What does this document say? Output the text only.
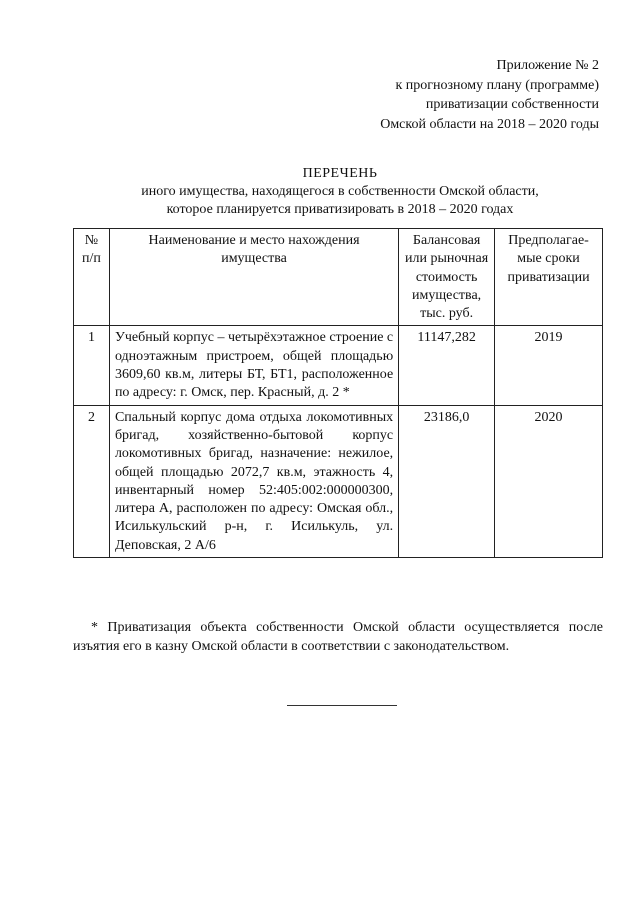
Приложение № 2
к прогнозному плану (программе)
приватизации собственности
Омской области на 2018 – 2020 годы
ПЕРЕЧЕНЬ
иного имущества, находящегося в собственности Омской области,
которое планируется приватизировать в 2018 – 2020 годах
№ п/п	Наименование и место нахождения имущества	Балансовая или рыночная стоимость имущества, тыс. руб.	Предполагае-мые сроки приватизации
1	Учебный корпус – четырёхэтажное строение с одноэтажным пристроем, общей площадью 3609,60 кв.м, литеры БТ, БТ1, расположенное по адресу: г. Омск, пер. Красный, д. 2 *	11147,282	2019
2	Спальный корпус дома отдыха локомотивных бригад, хозяйственно-бытовой корпус локомотивных бригад, назначение: нежилое, общей площадью 2072,7 кв.м, этажность 4, инвентарный номер 52:405:002:000000300, литера А, расположен по адресу: Омская обл., Исилькульский р-н, г. Исилькуль, ул. Деповская, 2 А/6	23186,0	2020
* Приватизация объекта собственности Омской области осуществляется после изъятия его в казну Омской области в соответствии с законодательством.
